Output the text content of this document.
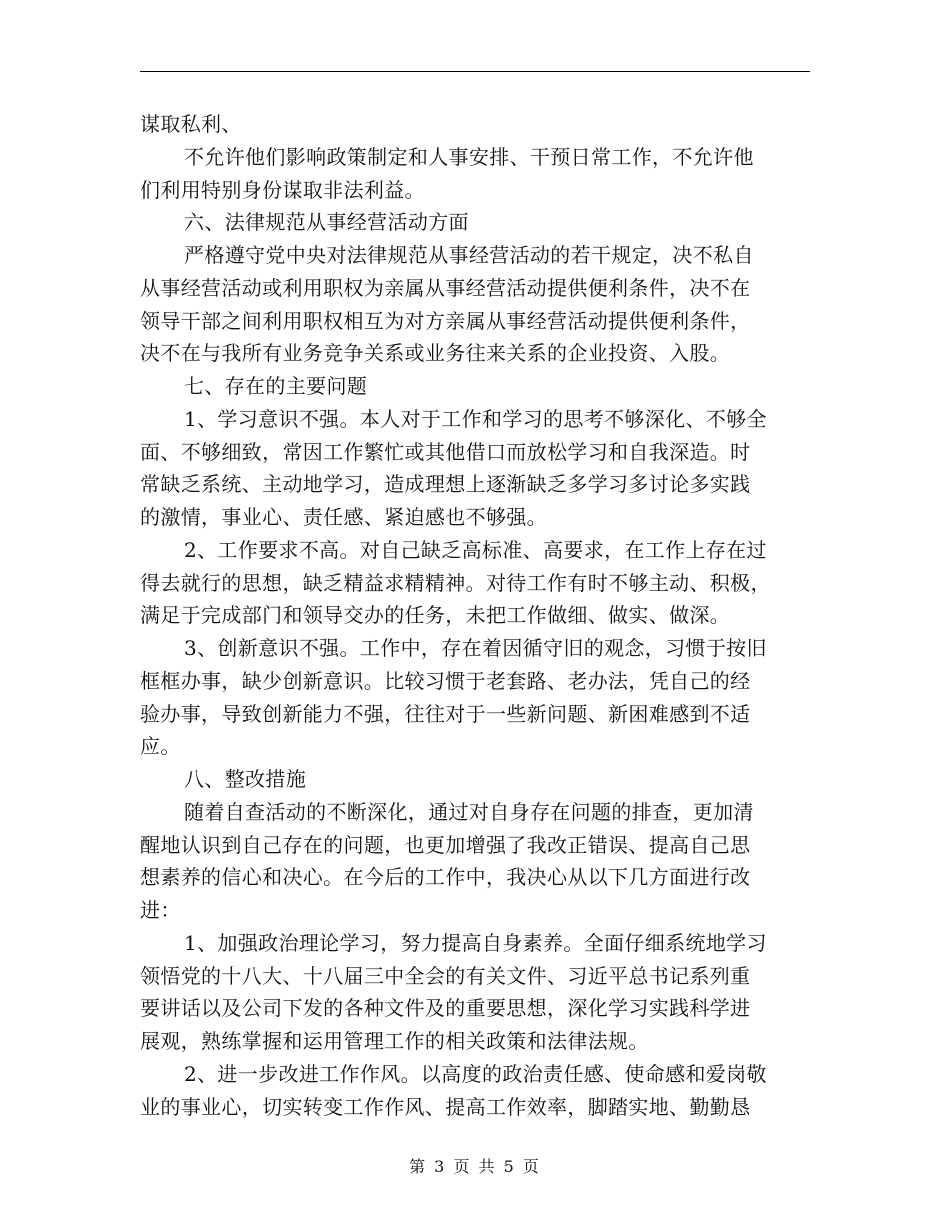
谋取私利、
不允许他们影响政策制定和人事安排、干预日常工作，不允许他
们利用特别身份谋取非法利益。
六、法律规范从事经营活动方面
严格遵守党中央对法律规范从事经营活动的若干规定，决不私自
从事经营活动或利用职权为亲属从事经营活动提供便利条件，决不在
领导干部之间利用职权相互为对方亲属从事经营活动提供便利条件，
决不在与我所有业务竞争关系或业务往来关系的企业投资、入股。
七、存在的主要问题
1、学习意识不强。本人对于工作和学习的思考不够深化、不够全
面、不够细致，常因工作繁忙或其他借口而放松学习和自我深造。时
常缺乏系统、主动地学习，造成理想上逐渐缺乏多学习多讨论多实践
的激情，事业心、责任感、紧迫感也不够强。
2、工作要求不高。对自己缺乏高标准、高要求，在工作上存在过
得去就行的思想，缺乏精益求精精神。对待工作有时不够主动、积极，
满足于完成部门和领导交办的任务，未把工作做细、做实、做深。
3、创新意识不强。工作中，存在着因循守旧的观念，习惯于按旧
框框办事，缺少创新意识。比较习惯于老套路、老办法，凭自己的经
验办事，导致创新能力不强，往往对于一些新问题、新困难感到不适
应。
八、整改措施
随着自查活动的不断深化，通过对自身存在问题的排查，更加清
醒地认识到自己存在的问题，也更加增强了我改正错误、提高自己思
想素养的信心和决心。在今后的工作中，我决心从以下几方面进行改
进：
1、加强政治理论学习，努力提高自身素养。全面仔细系统地学习
领悟党的十八大、十八届三中全会的有关文件、习近平总书记系列重
要讲话以及公司下发的各种文件及的重要思想，深化学习实践科学进
展观，熟练掌握和运用管理工作的相关政策和法律法规。
2、进一步改进工作作风。以高度的政治责任感、使命感和爱岗敬
业的事业心，切实转变工作作风、提高工作效率，脚踏实地、勤勤恳
第 3 页 共 5 页
